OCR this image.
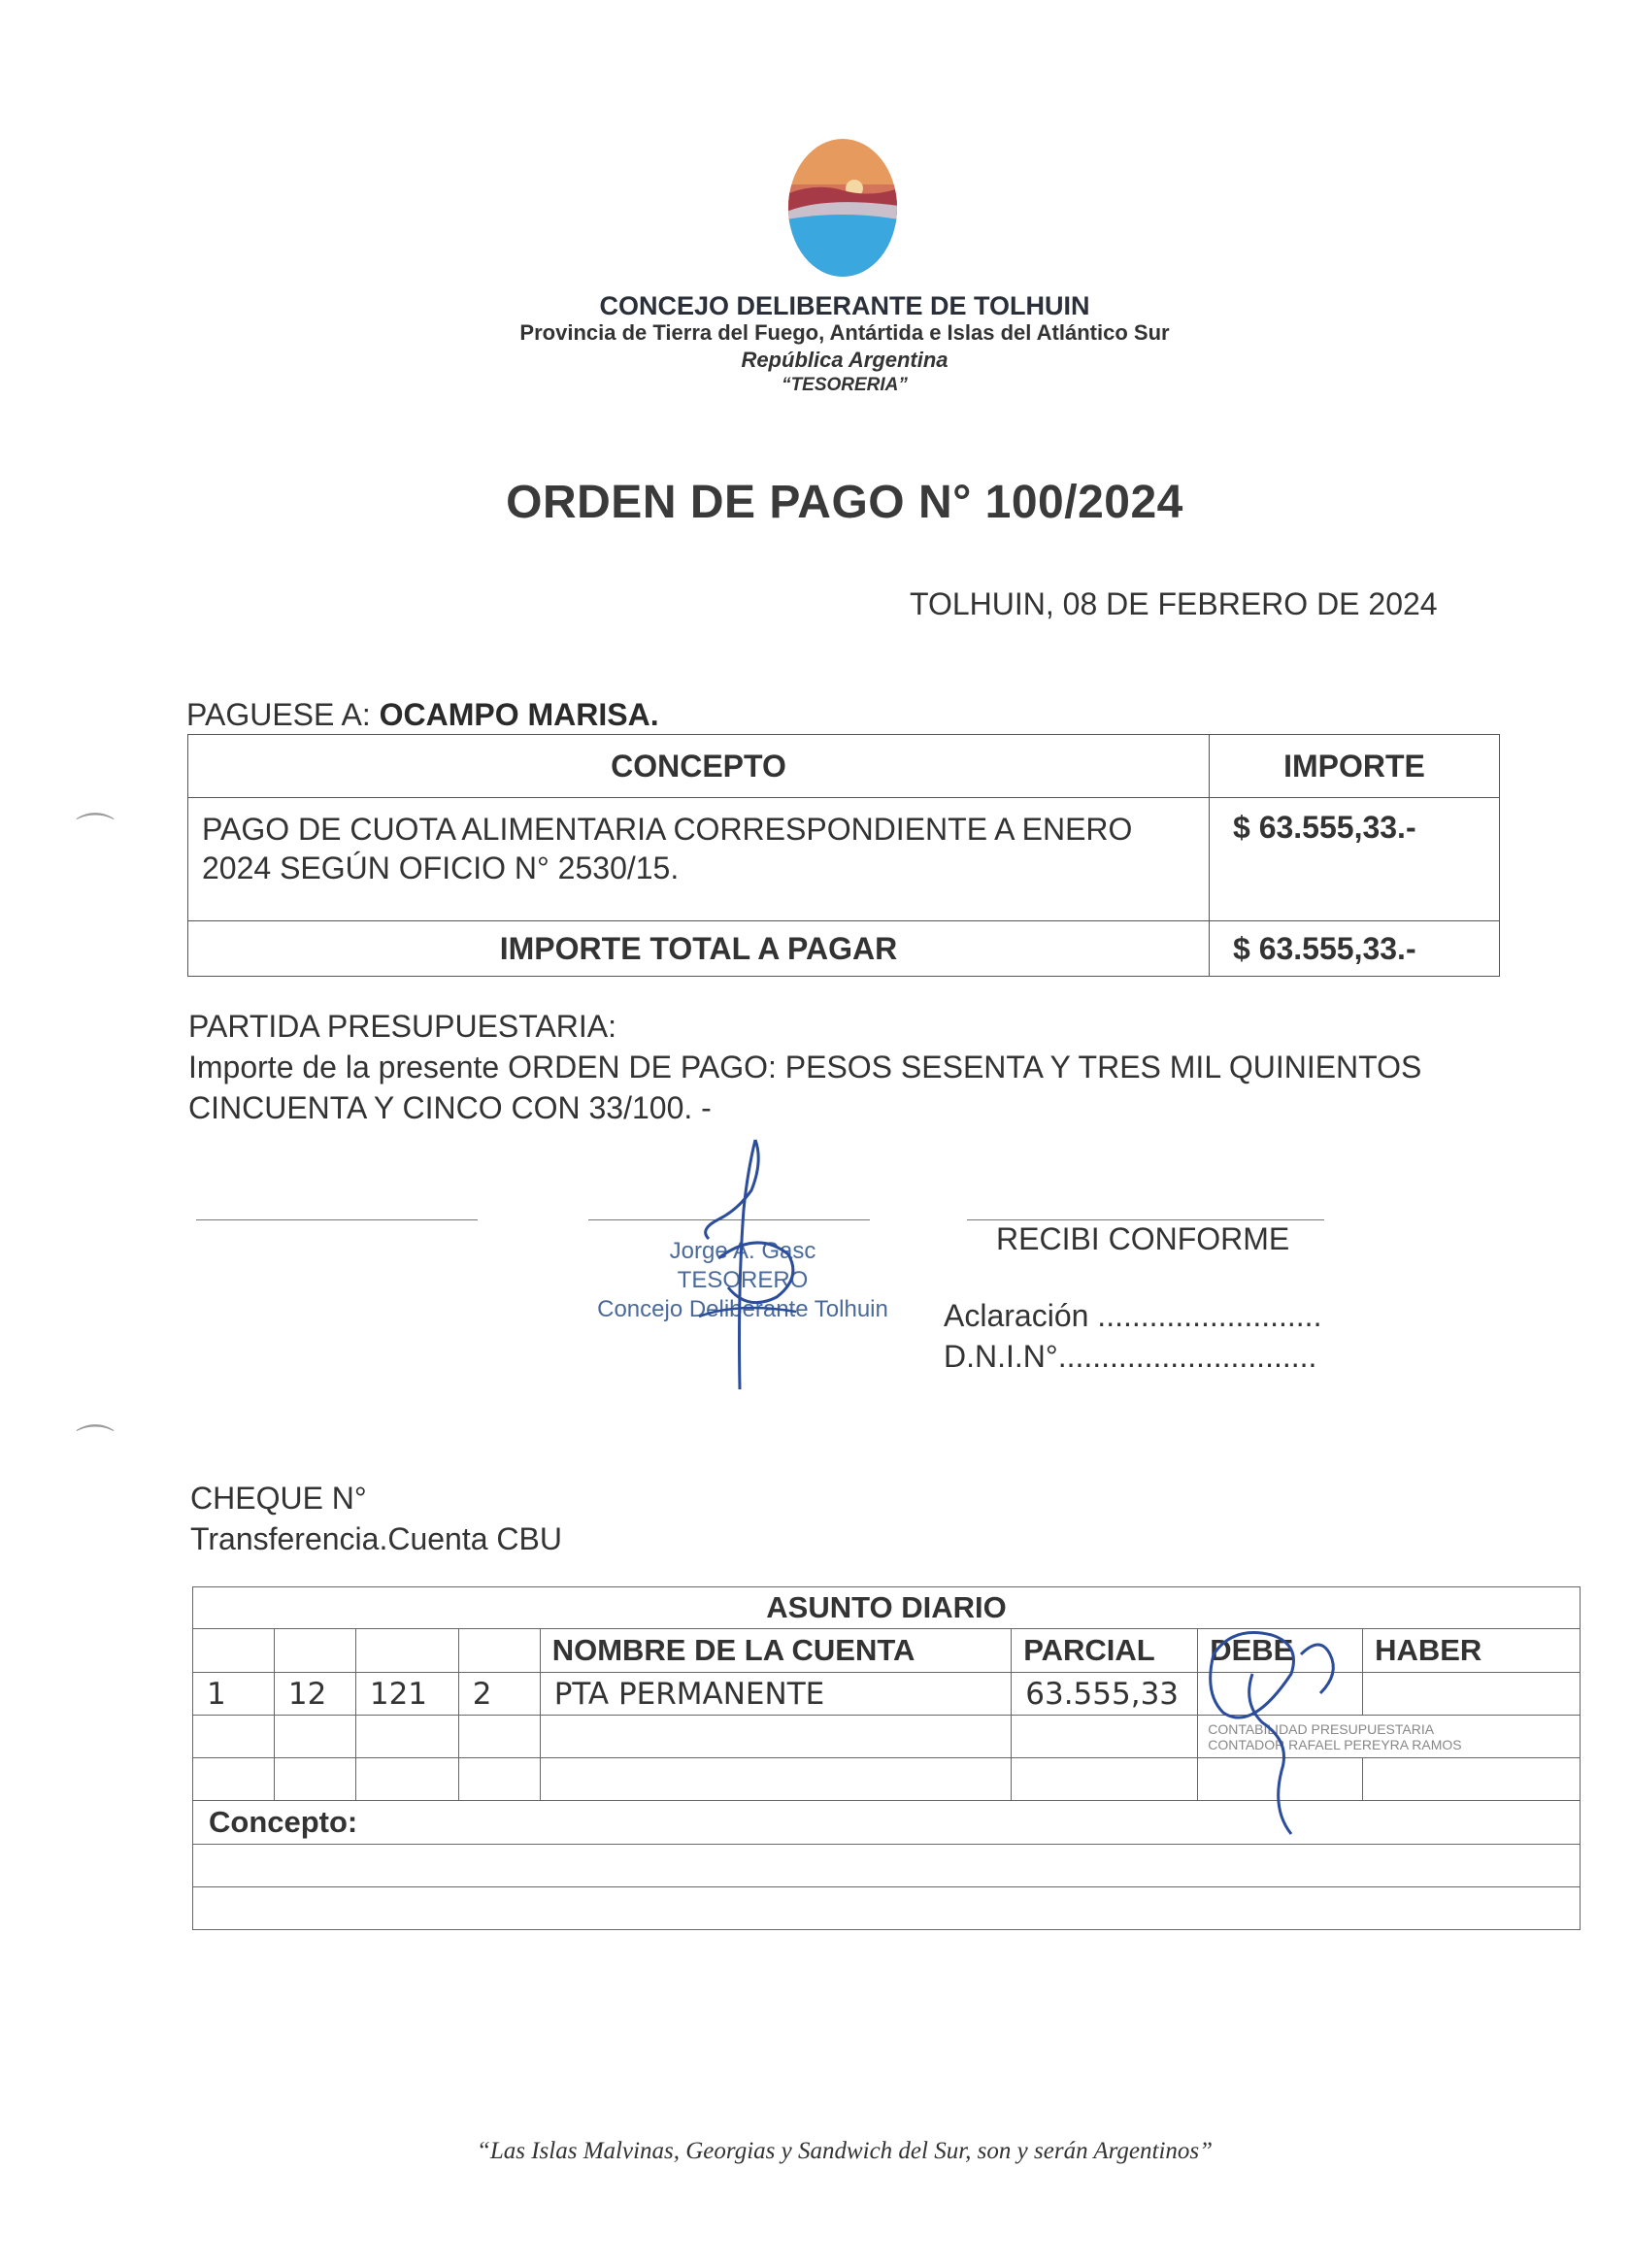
CONCEJO DELIBERANTE DE TOLHUIN
Provincia de Tierra del Fuego, Antártida e Islas del Atlántico Sur
República Argentina
“TESORERIA”
ORDEN DE PAGO N° 100/2024
TOLHUIN, 08 DE FEBRERO DE 2024
PAGUESE A: OCAMPO MARISA.
CONCEPTO	IMPORTE
PAGO DE CUOTA ALIMENTARIA CORRESPONDIENTE A ENERO 2024 SEGÚN OFICIO N° 2530/15.	$ 63.555,33.-
IMPORTE TOTAL A PAGAR	$ 63.555,33.-
PARTIDA PRESUPUESTARIA:
Importe de la presente ORDEN DE PAGO: PESOS SESENTA Y TRES MIL QUINIENTOS CINCUENTA Y CINCO CON 33/100. -
Jorge A. Gasc
TESORERO
Concejo Deliberante Tolhuin
RECIBI CONFORME
Aclaración ..........................
D.N.I.N°..............................
⌒
⌒
CHEQUE N°
Transferencia.Cuenta CBU
ASUNTO DIARIO							
				NOMBRE DE LA CUENTA	PARCIAL	DEBE	HABER
1	12	121	2	PTA PERMANENTE	63.555,33		

						CONTABILIDAD PRESUPUESTARIA
CONTADOR RAFAEL PEREYRA RAMOS	

Concepto:							

“Las Islas Malvinas, Georgias y Sandwich del Sur, son y serán Argentinos”
